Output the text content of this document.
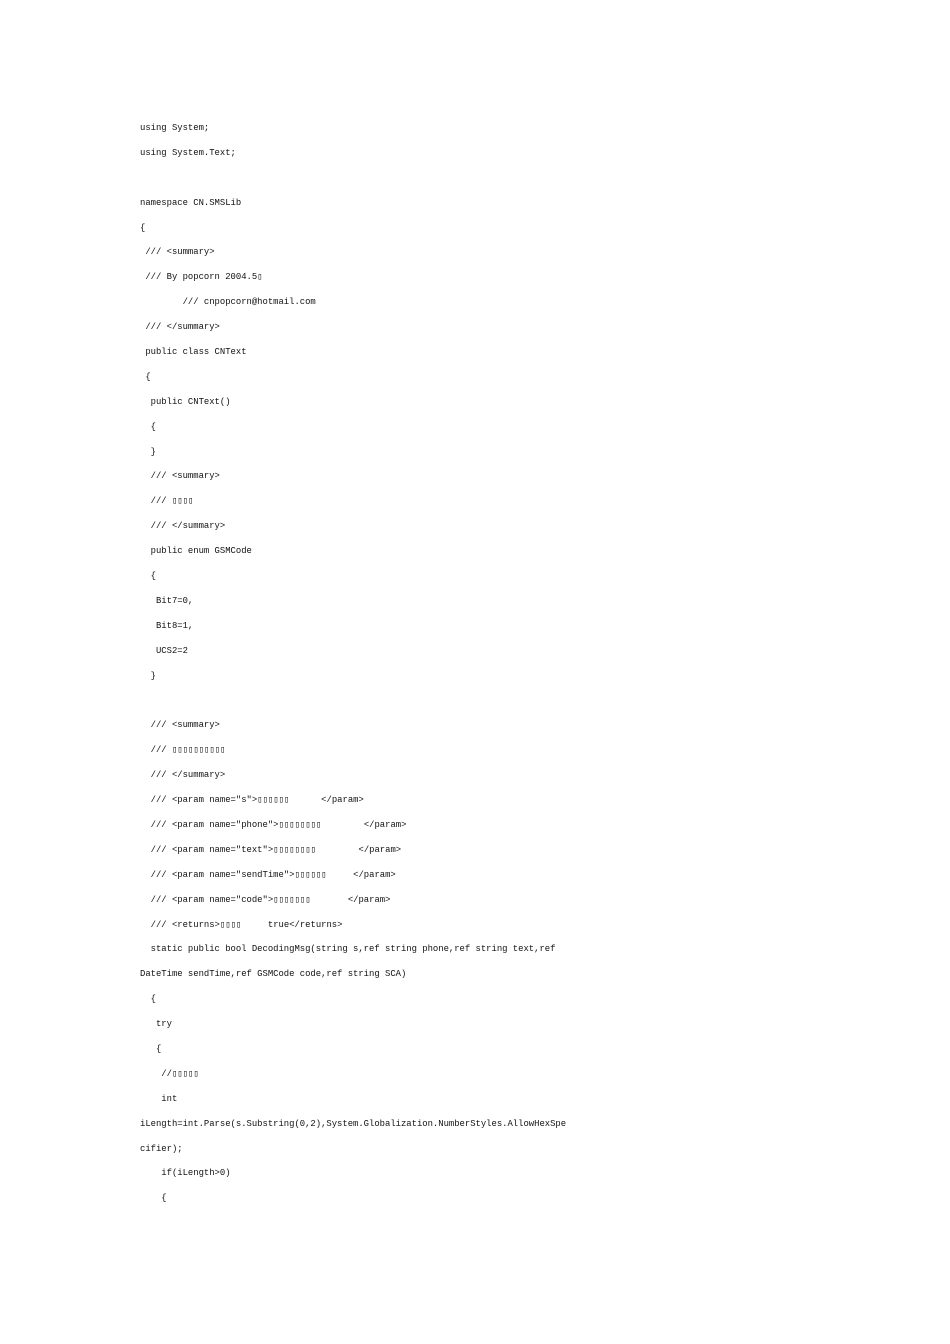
using System;
using System.Text;
namespace CN.SMSLib
{
/// <summary>
/// By popcorn 2004.5▯
/// cnpopcorn@hotmail.com
/// </summary>
public class CNText
{
public CNText()
{
}
/// <summary>
/// ▯▯▯▯
/// </summary>
public enum GSMCode
{
Bit7=0,
Bit8=1,
UCS2=2
}
/// <summary>
/// ▯▯▯▯▯▯▯▯▯▯
/// </summary>
/// <param name="s">▯▯▯▯▯▯      </param>
/// <param name="phone">▯▯▯▯▯▯▯▯        </param>
/// <param name="text">▯▯▯▯▯▯▯▯        </param>
/// <param name="sendTime">▯▯▯▯▯▯     </param>
/// <param name="code">▯▯▯▯▯▯▯       </param>
/// <returns>▯▯▯▯     true</returns>
static public bool DecodingMsg(string s,ref string phone,ref string text,ref
DateTime sendTime,ref GSMCode code,ref string SCA)
{
try
{
//▯▯▯▯▯
int
iLength=int.Parse(s.Substring(0,2),System.Globalization.NumberStyles.AllowHexSpe
cifier);
if(iLength>0)
{
